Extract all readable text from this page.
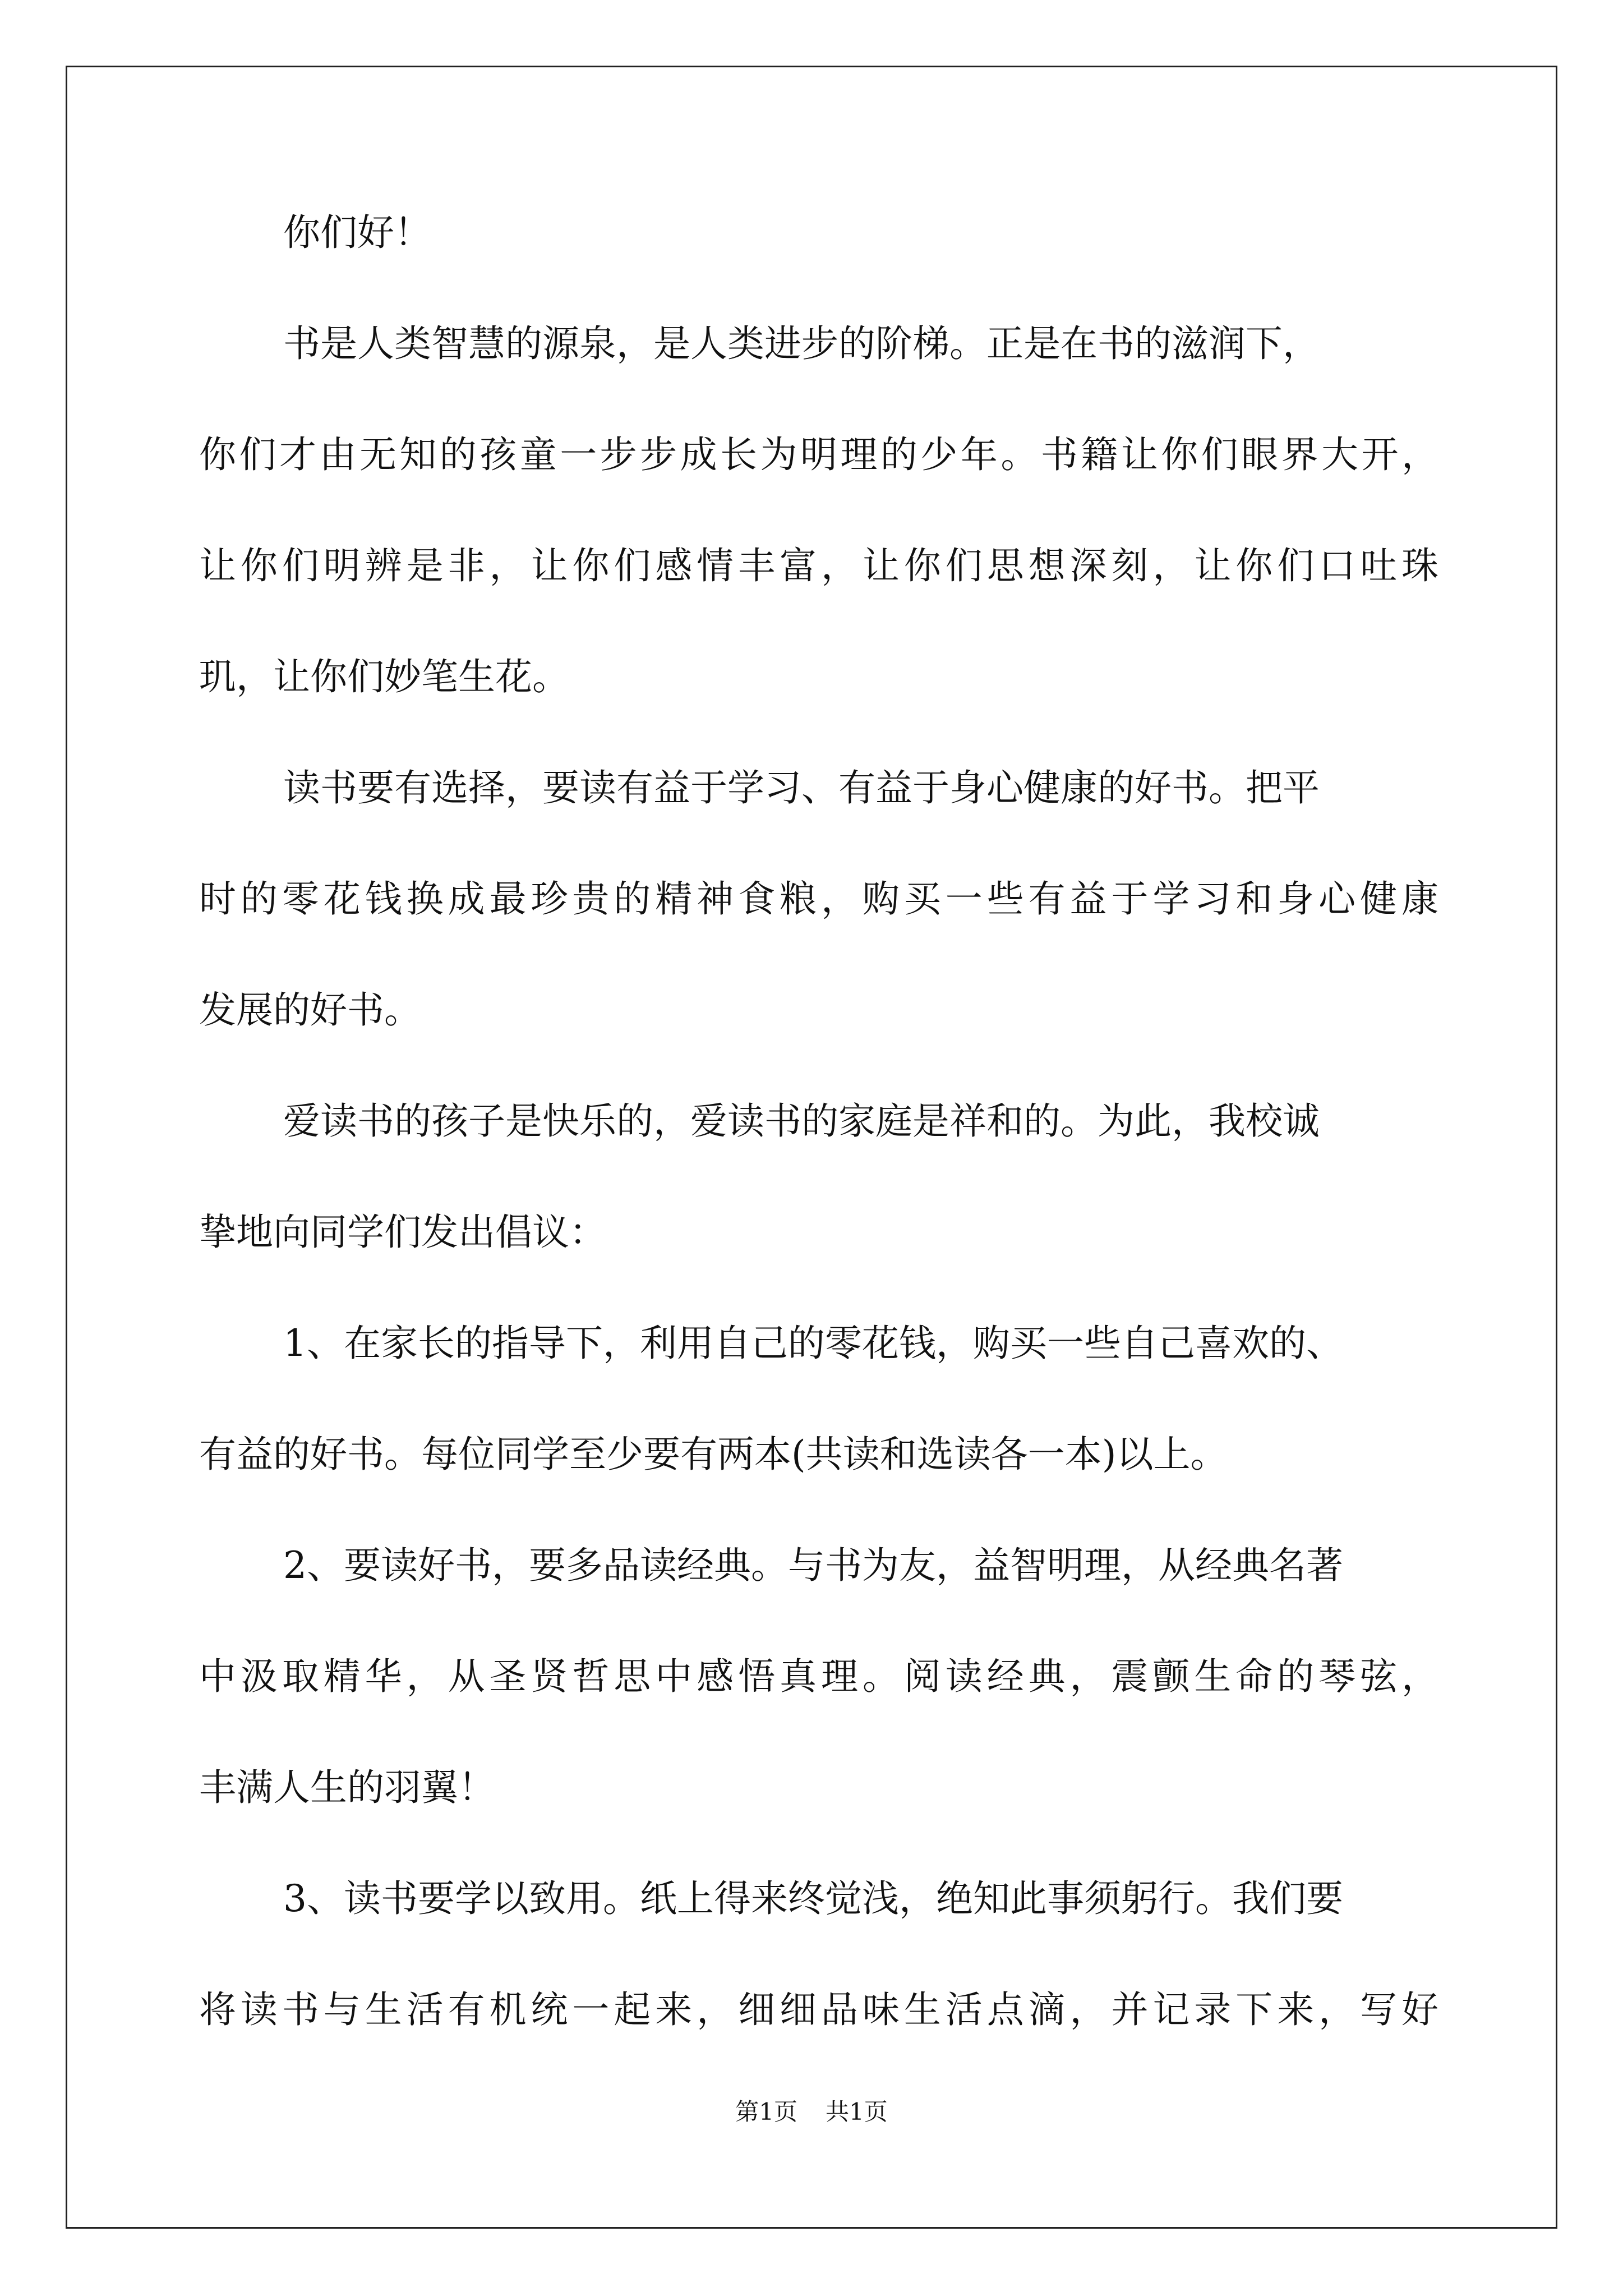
你们好！
书是人类智慧的源泉，是人类进步的阶梯。正是在书的滋润下，
你们才由无知的孩童一步步成长为明理的少年。书籍让你们眼界大开，
让你们明辨是非，让你们感情丰富，让你们思想深刻，让你们口吐珠
玑，让你们妙笔生花。
读书要有选择，要读有益于学习、有益于身心健康的好书。把平
时的零花钱换成最珍贵的精神食粮，购买一些有益于学习和身心健康
发展的好书。
爱读书的孩子是快乐的，爱读书的家庭是祥和的。为此，我校诚
挚地向同学们发出倡议：
1、在家长的指导下，利用自己的零花钱，购买一些自己喜欢的、
有益的好书。每位同学至少要有两本(共读和选读各一本)以上。
2、要读好书，要多品读经典。与书为友，益智明理，从经典名著
中汲取精华，从圣贤哲思中感悟真理。阅读经典，震颤生命的琴弦，
丰满人生的羽翼！
3、读书要学以致用。纸上得来终觉浅，绝知此事须躬行。我们要
将读书与生活有机统一起来，细细品味生活点滴，并记录下来，写好
第1页 共1页
